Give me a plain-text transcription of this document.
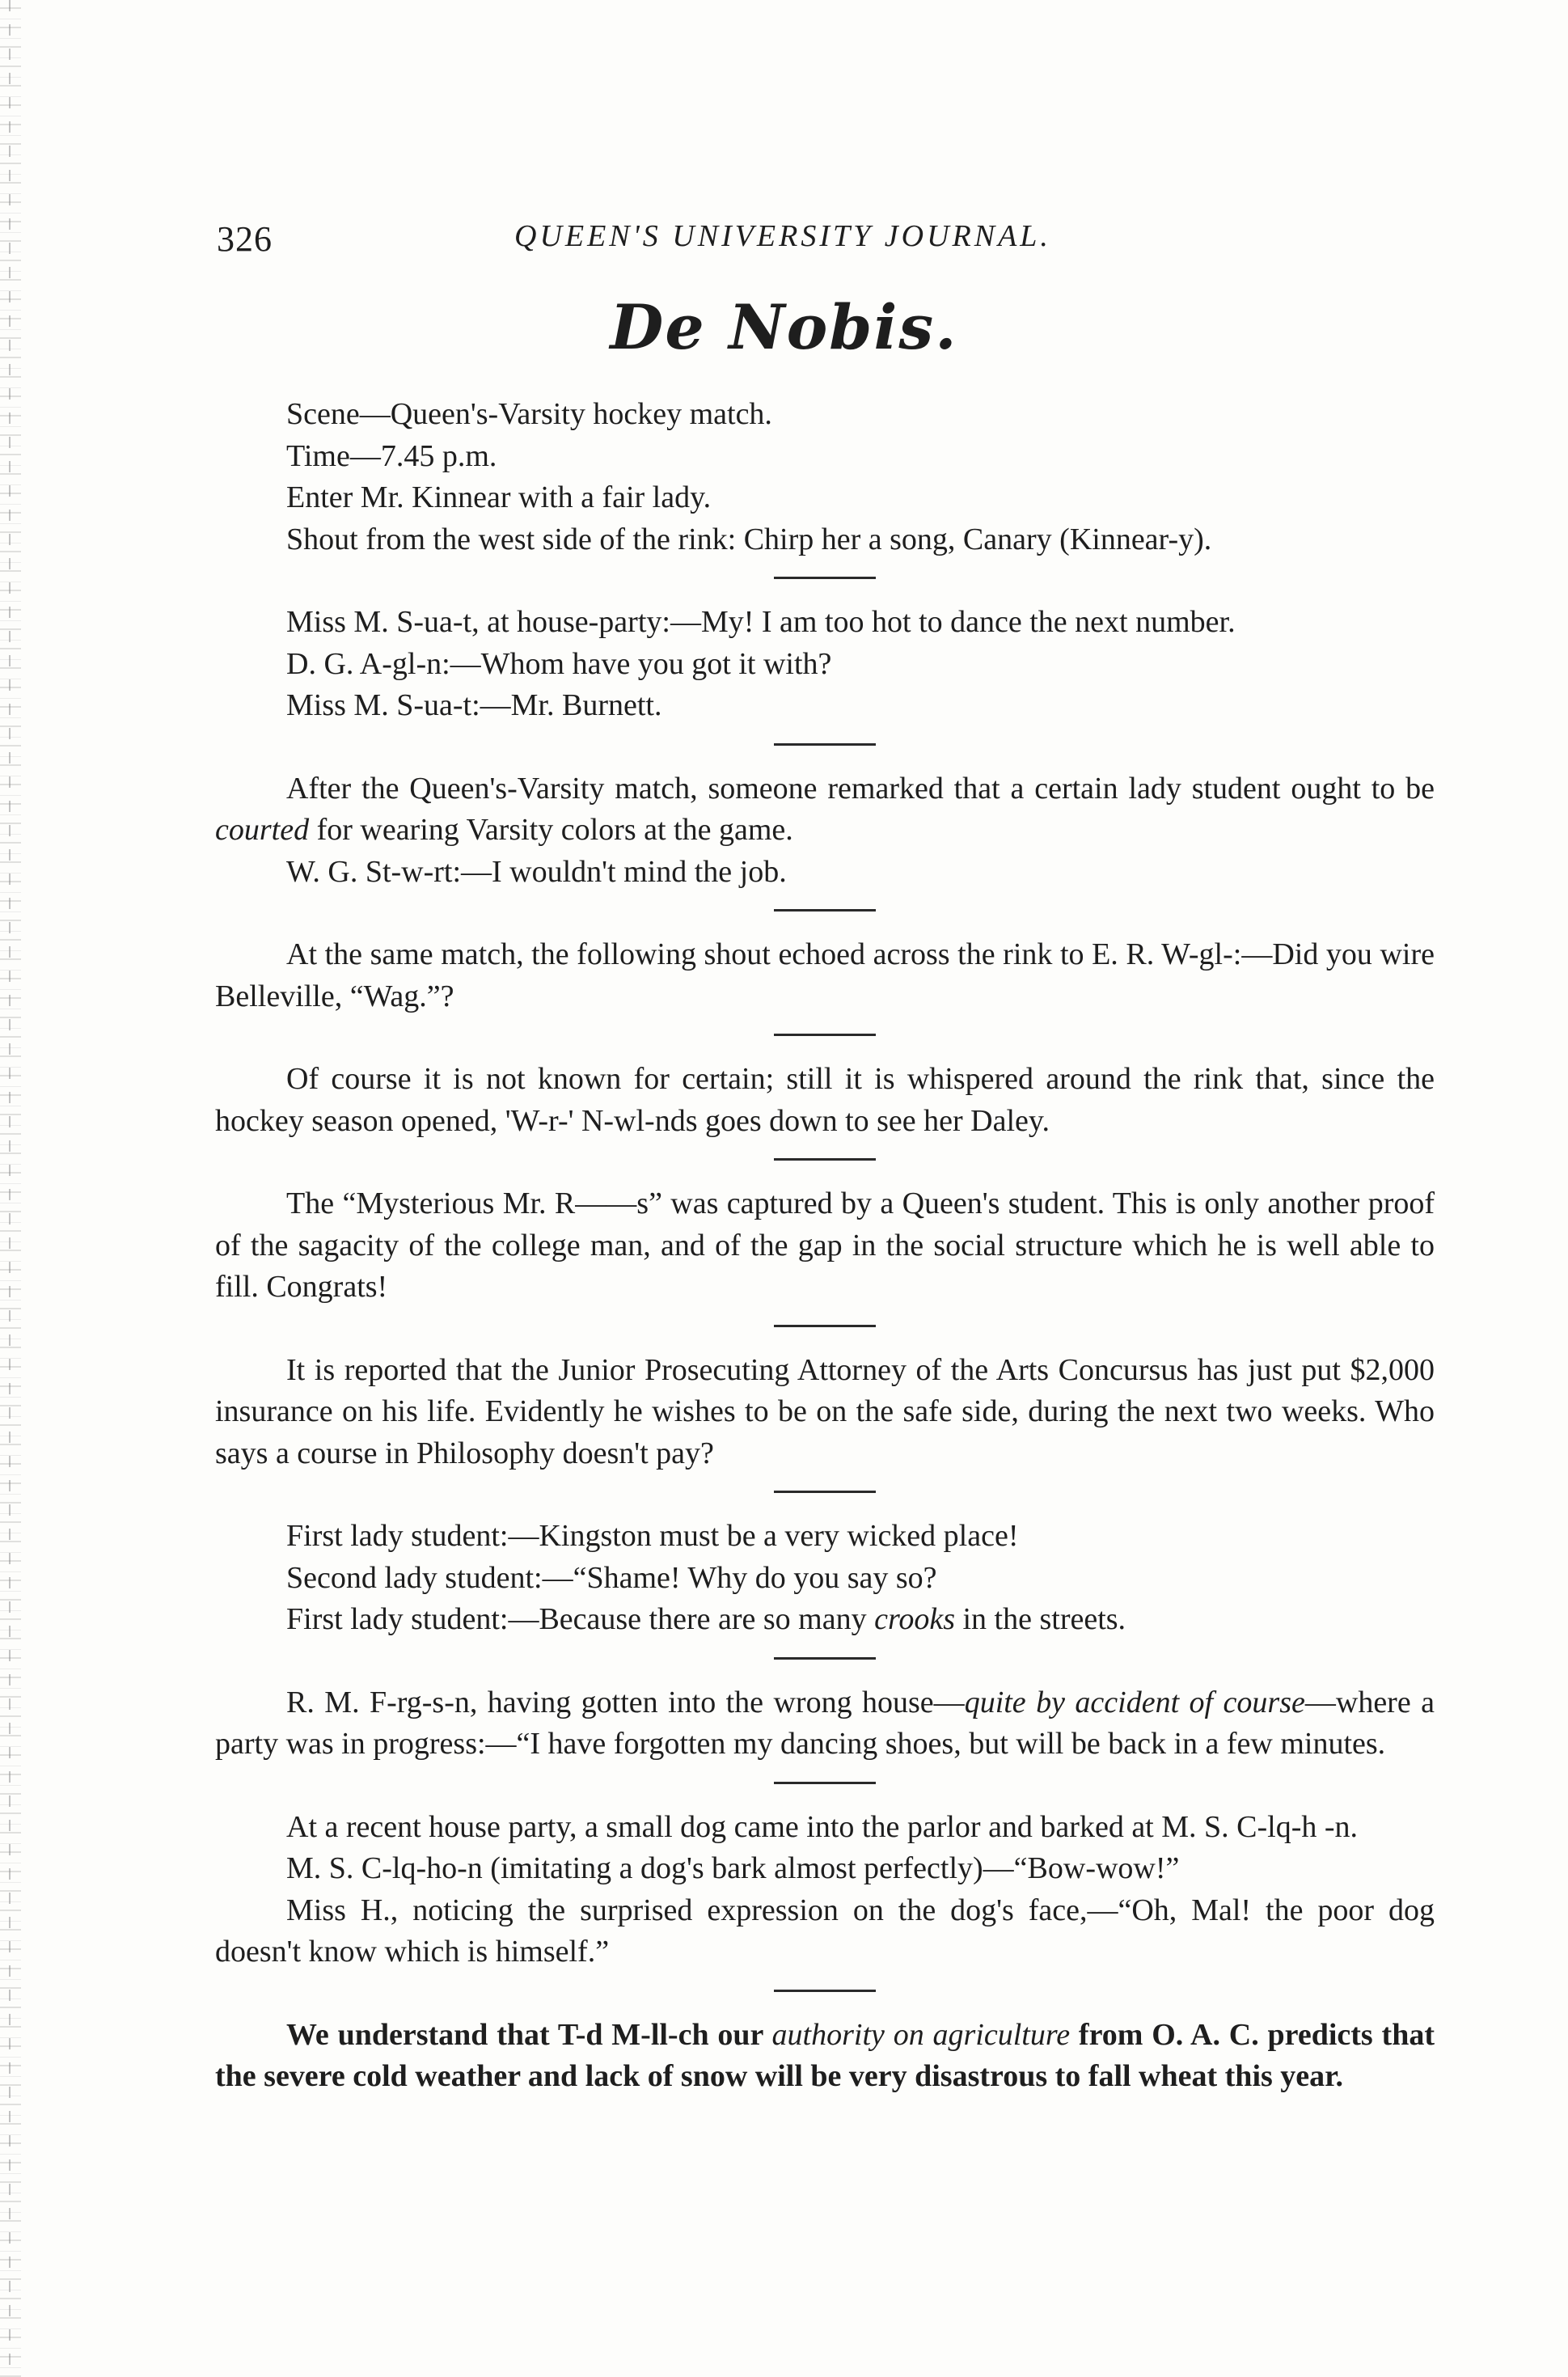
326	QUEEN'S UNIVERSITY JOURNAL.
De Nobis.

Scene—Queen's-Varsity hockey match.

Time—7.45 p.m.

Enter Mr. Kinnear with a fair lady.

Shout from the west side of the rink: Chirp her a song, Canary (Kinnear-y).

Miss M. S-ua-t, at house-party:—My! I am too hot to dance the next number.

D. G. A-gl-n:—Whom have you got it with?

Miss M. S-ua-t:—Mr. Burnett.

After the Queen's-Varsity match, someone remarked that a certain lady student ought to be courted for wearing Varsity colors at the game.

W. G. St-w-rt:—I wouldn't mind the job.

At the same match, the following shout echoed across the rink to E. R. W-gl-:—Did you wire Belleville, “Wag.”?

Of course it is not known for certain; still it is whispered around the rink that, since the hockey season opened, 'W-r-' N-wl-nds goes down to see her Daley.

The “Mysterious Mr. R——s” was captured by a Queen's student. This is only another proof of the sagacity of the college man, and of the gap in the social structure which he is well able to fill. Congrats!

It is reported that the Junior Prosecuting Attorney of the Arts Concursus has just put $2,000 insurance on his life. Evidently he wishes to be on the safe side, during the next two weeks. Who says a course in Philosophy doesn't pay?

First lady student:—Kingston must be a very wicked place!

Second lady student:—“Shame! Why do you say so?

First lady student:—Because there are so many crooks in the streets.

R. M. F-rg-s-n, having gotten into the wrong house—quite by accident of course—where a party was in progress:—“I have forgotten my dancing shoes, but will be back in a few minutes.

At a recent house party, a small dog came into the parlor and barked at M. S. C-lq-h -n.

M. S. C-lq-ho-n (imitating a dog's bark almost perfectly)—“Bow-wow!”

Miss H., noticing the surprised expression on the dog's face,—“Oh, Mal! the poor dog doesn't know which is himself.”

We understand that T-d M-ll-ch our authority on agriculture from O. A. C. predicts that the severe cold weather and lack of snow will be very disastrous to fall wheat this year.
